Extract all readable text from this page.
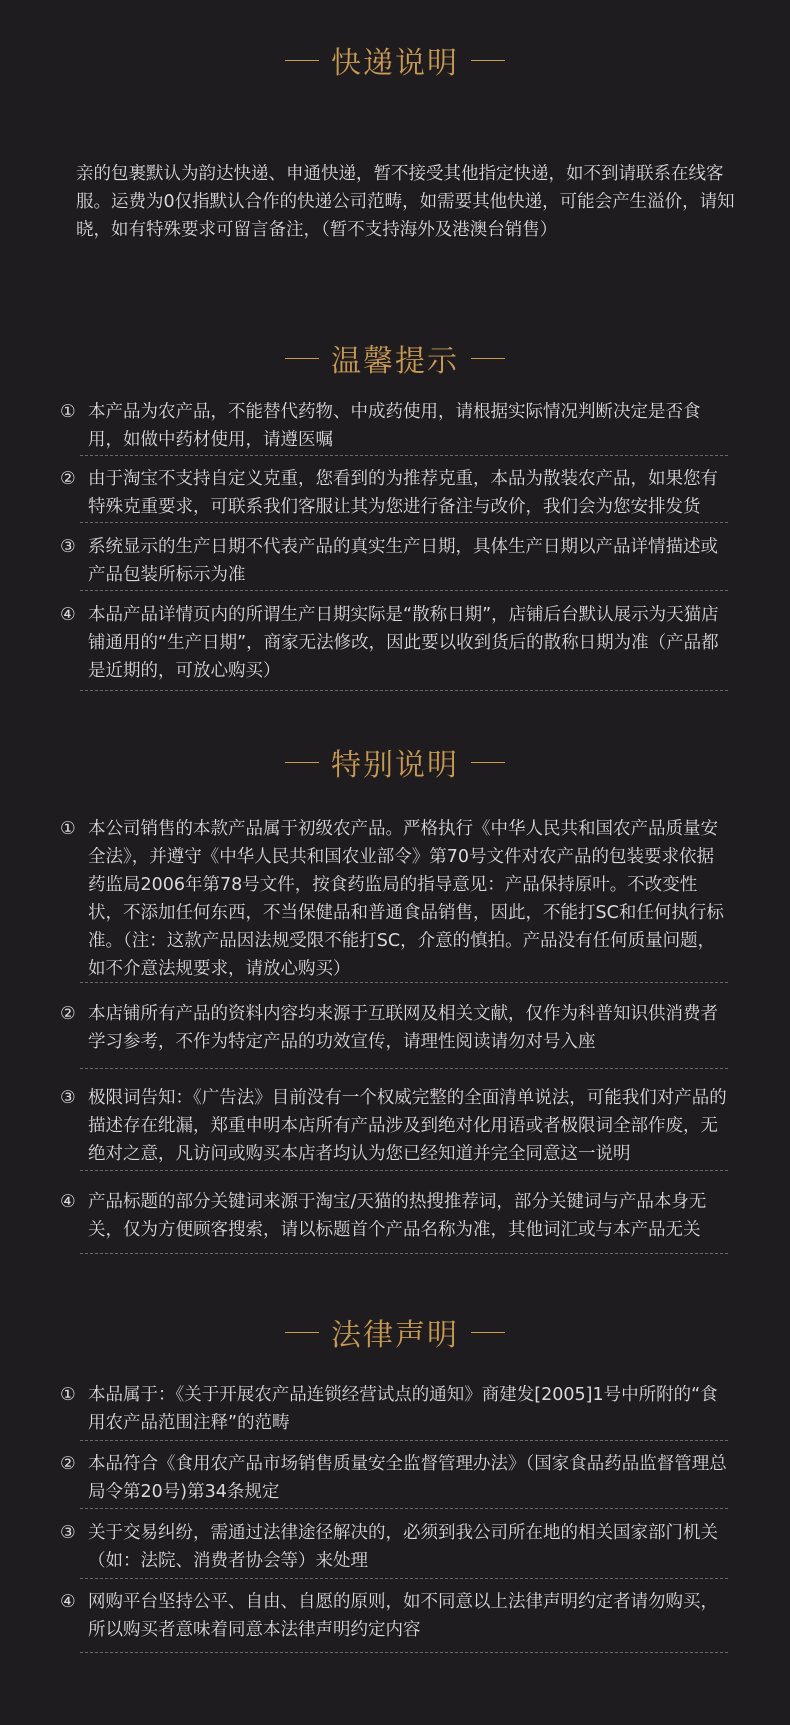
快递说明
亲的包裹默认为韵达快递、申通快递，暂不接受其他指定快递，如不到请联系在线客服。运费为0仅指默认合作的快递公司范畴，如需要其他快递，可能会产生溢价，请知晓，如有特殊要求可留言备注，（暂不支持海外及港澳台销售）
温馨提示
① 本产品为农产品，不能替代药物、中成药使用，请根据实际情况判断决定是否食用，如做中药材使用，请遵医嘱
② 由于淘宝不支持自定义克重，您看到的为推荐克重，本品为散装农产品，如果您有特殊克重要求，可联系我们客服让其为您进行备注与改价，我们会为您安排发货
③ 系统显示的生产日期不代表产品的真实生产日期，具体生产日期以产品详情描述或产品包装所标示为准
④ 本品产品详情页内的所谓生产日期实际是“散称日期”，店铺后台默认展示为天猫店铺通用的“生产日期”，商家无法修改，因此要以收到货后的散称日期为准（产品都是近期的，可放心购买）
特别说明
① 本公司销售的本款产品属于初级农产品。严格执行《中华人民共和国农产品质量安全法》，并遵守《中华人民共和国农业部令》第70号文件对农产品的包装要求依据药监局2006年第78号文件，按食药监局的指导意见：产品保持原叶。不改变性状，不添加任何东西，不当保健品和普通食品销售，因此，不能打SC和任何执行标准。（注：这款产品因法规受限不能打SC，介意的慎拍。产品没有任何质量问题，如不介意法规要求，请放心购买）
② 本店铺所有产品的资料内容均来源于互联网及相关文献，仅作为科普知识供消费者学习参考，不作为特定产品的功效宣传，请理性阅读请勿对号入座
③ 极限词告知：《广告法》目前没有一个权威完整的全面清单说法，可能我们对产品的描述存在纰漏，郑重申明本店所有产品涉及到绝对化用语或者极限词全部作废，无绝对之意，凡访问或购买本店者均认为您已经知道并完全同意这一说明
④ 产品标题的部分关键词来源于淘宝/天猫的热搜推荐词，部分关键词与产品本身无关，仅为方便顾客搜索，请以标题首个产品名称为准，其他词汇或与本产品无关
法律声明
① 本品属于：《关于开展农产品连锁经营试点的通知》商建发[2005]1号中所附的“食用农产品范围注释”的范畴
② 本品符合《食用农产品市场销售质量安全监督管理办法》（国家食品药品监督管理总局令第20号)第34条规定
③ 关于交易纠纷，需通过法律途径解决的，必须到我公司所在地的相关国家部门机关（如：法院、消费者协会等）来处理
④ 网购平台坚持公平、自由、自愿的原则，如不同意以上法律声明约定者请勿购买，所以购买者意味着同意本法律声明约定内容
